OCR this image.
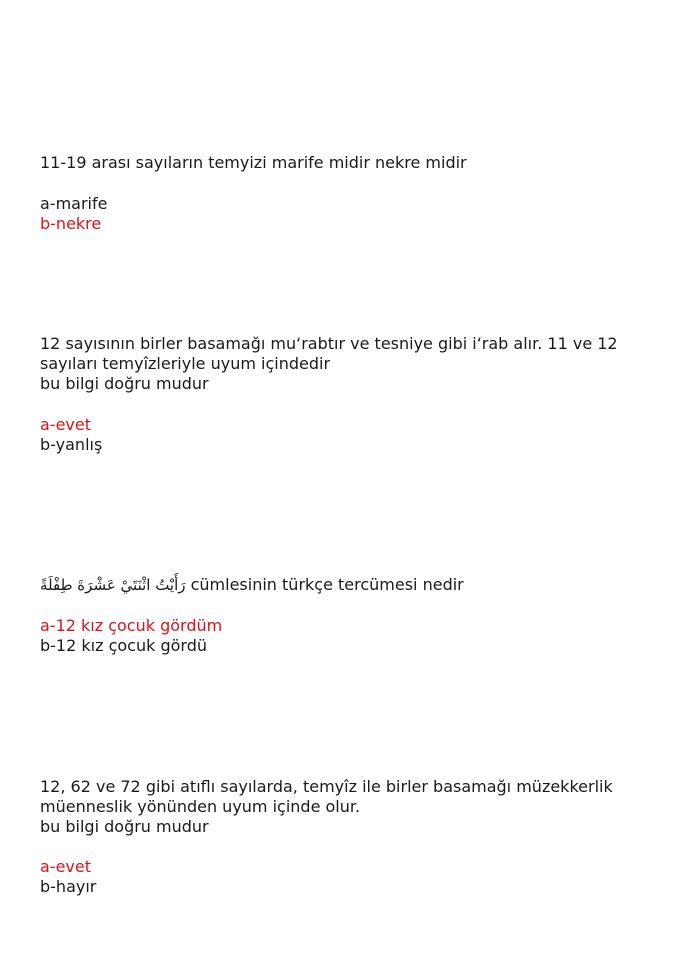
11-19 arası sayıların temyizi marife midir nekre midir
a-marife
b-nekre
12 sayısının birler basamağı mu‘rabtır ve tesniye gibi i‘rab alır. 11 ve 12
sayıları temyîzleriyle uyum içindedir
bu bilgi doğru mudur
a-evet
b-yanlış
رَأَيْتُ اثْنَتَيْ عَشْرَةَ طِفْلَةً cümlesinin türkçe tercümesi nedir
a-12 kız çocuk gördüm
b-12 kız çocuk gördü
12, 62 ve 72 gibi atıflı sayılarda, temyîz ile birler basamağı müzekkerlik
müenneslik yönünden uyum içinde olur.
bu bilgi doğru mudur
a-evet
b-hayır
